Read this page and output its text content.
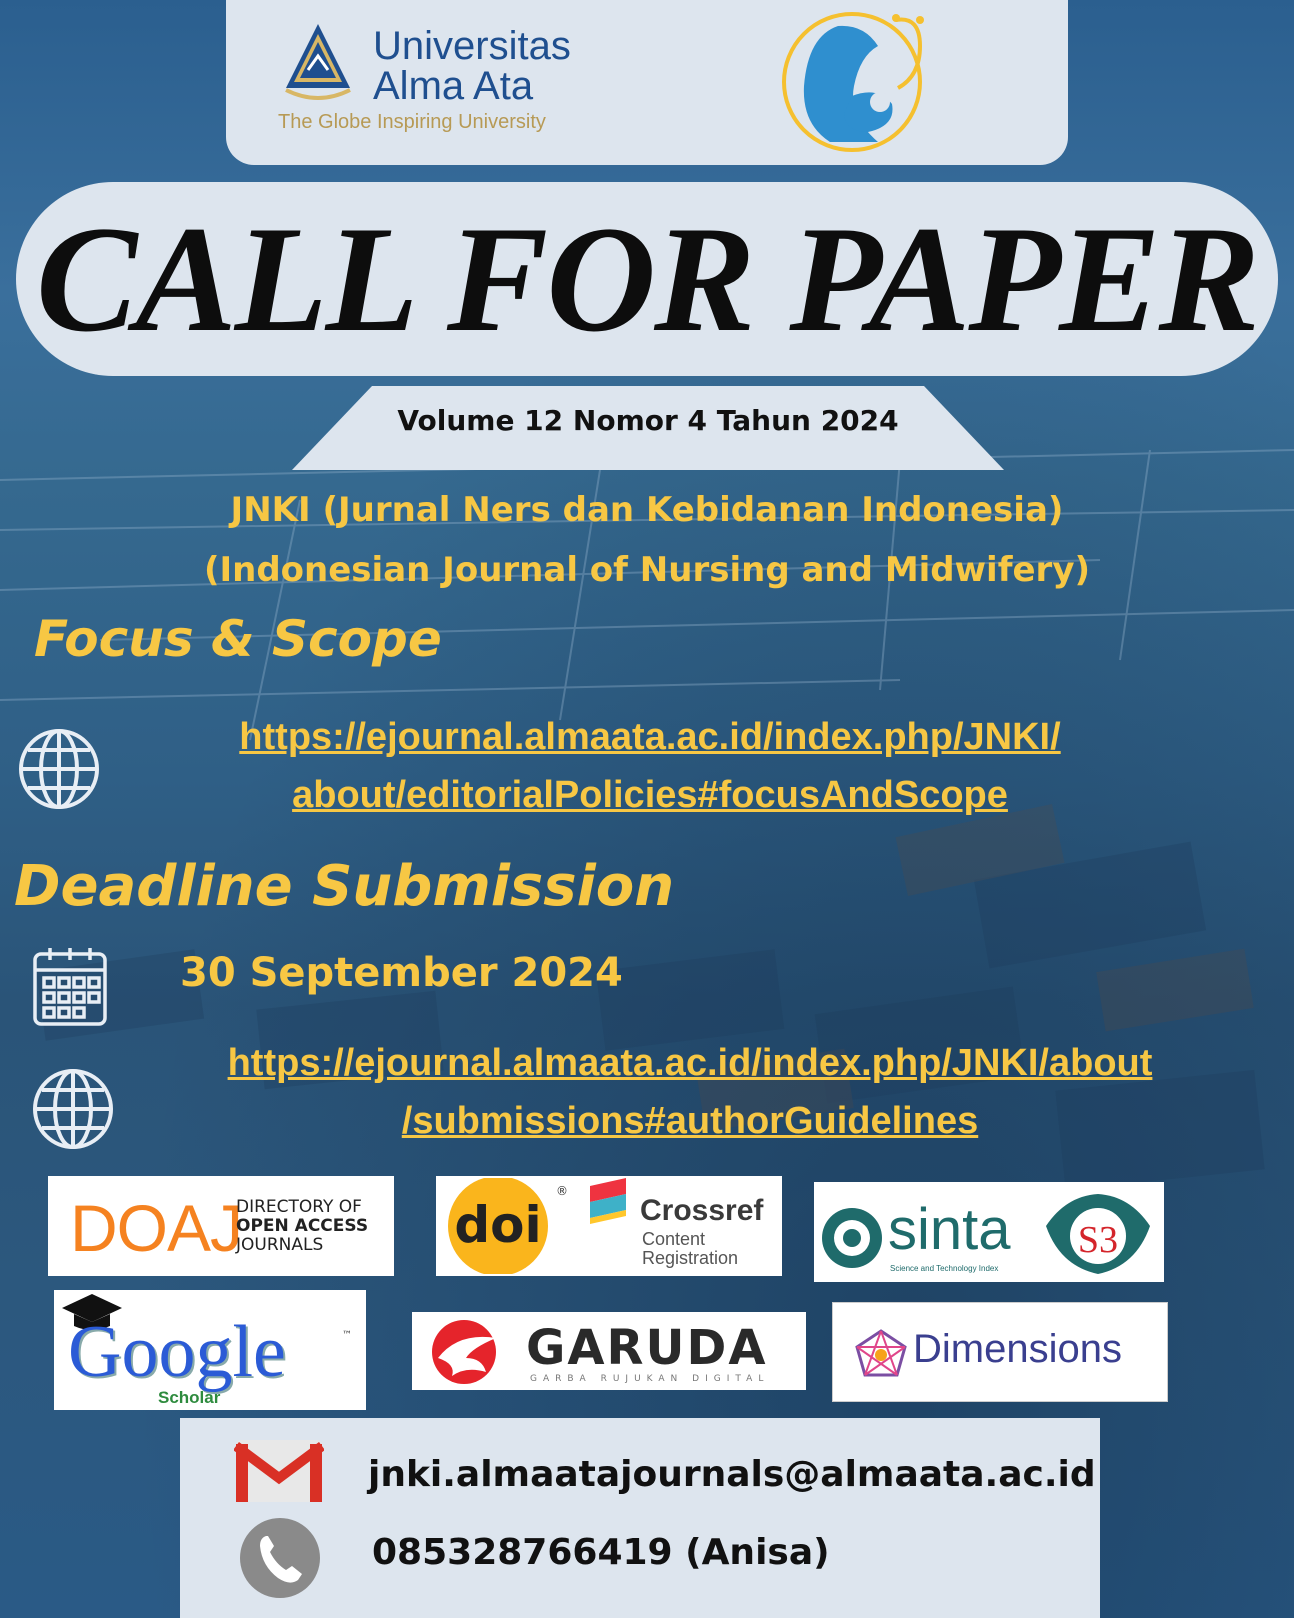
Universitas
Alma Ata
The Globe Inspiring University
CALL FOR PAPER
Volume 12 Nomor 4 Tahun 2024
JNKI (Jurnal Ners dan Kebidanan Indonesia)
(Indonesian Journal of Nursing and Midwifery)
Focus & Scope
https://ejournal.almaata.ac.id/index.php/JNKI/
about/editorialPolicies#focusAndScope
Deadline Submission
30 September 2024
https://ejournal.almaata.ac.id/index.php/JNKI/about
/submissions#authorGuidelines
DOAJ
DIRECTORY OF
OPEN ACCESS
JOURNALS	doi
®
Crossref
Content
Registration	sinta
Science and Technology Index
S3
Google	™
Scholar
GARUDA
GARBA RUJUKAN DIGITAL
Dimensions
jnki.almaatajournals@almaata.ac.id
085328766419 (Anisa)
